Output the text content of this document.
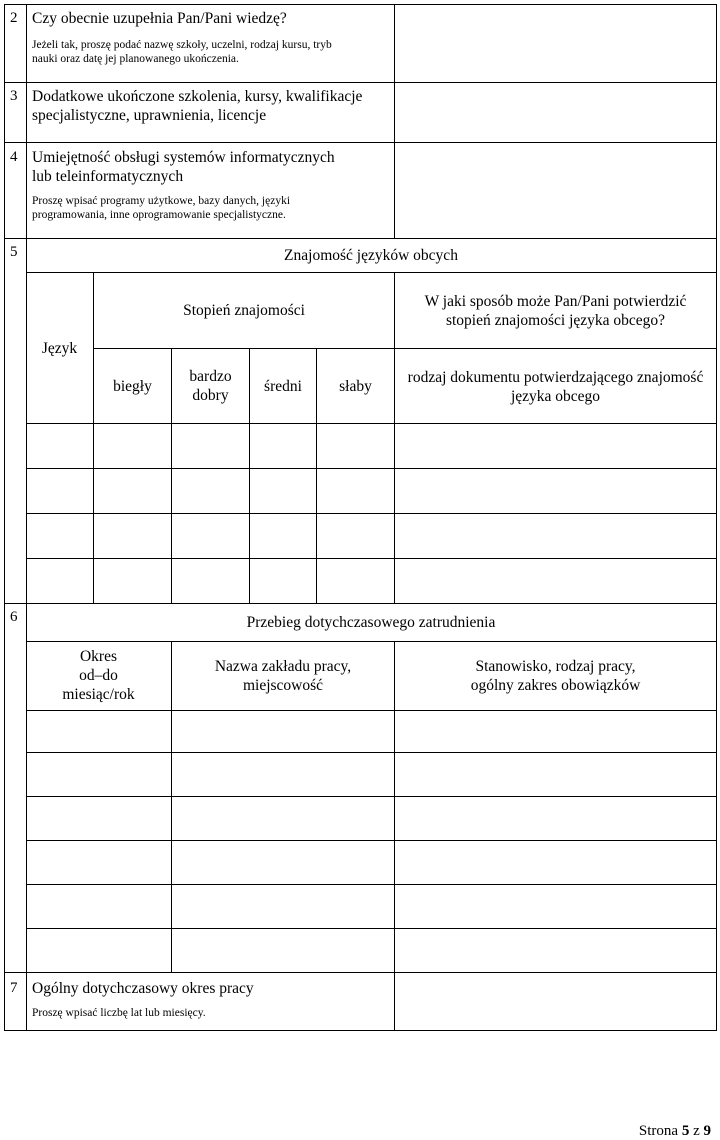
2 Czy obecnie uzupełnia Pan/Pani wiedzę?
Jeżeli tak, proszę podać nazwę szkoły, uczelni, rodzaj kursu, tryb
nauki oraz datę jej planowanego ukończenia.
3 Dodatkowe ukończone szkolenia, kursy, kwalifikacje
specjalistyczne, uprawnienia, licencje
4 Umiejętność obsługi systemów informatycznych
lub teleinformatycznych
Proszę wpisać programy użytkowe, bazy danych, języki
programowania, inne oprogramowanie specjalistyczne.
5	Znajomość języków obcych
Język
Stopień znajomości
W jaki sposób może Pan/Pani potwierdzić
stopień znajomości języka obcego?
biegły
bardzo
dobry
średni słaby rodzaj dokumentu potwierdzającego znajomość
języka obcego
6	Przebieg dotychczasowego zatrudnienia
Okres
od–do
miesiąc/rok
Nazwa zakładu pracy,
miejscowość
Stanowisko, rodzaj pracy,
ogólny zakres obowiązków
7 Ogólny dotychczasowy okres pracy
Proszę wpisać liczbę lat lub miesięcy.
Strona 5 z 9
